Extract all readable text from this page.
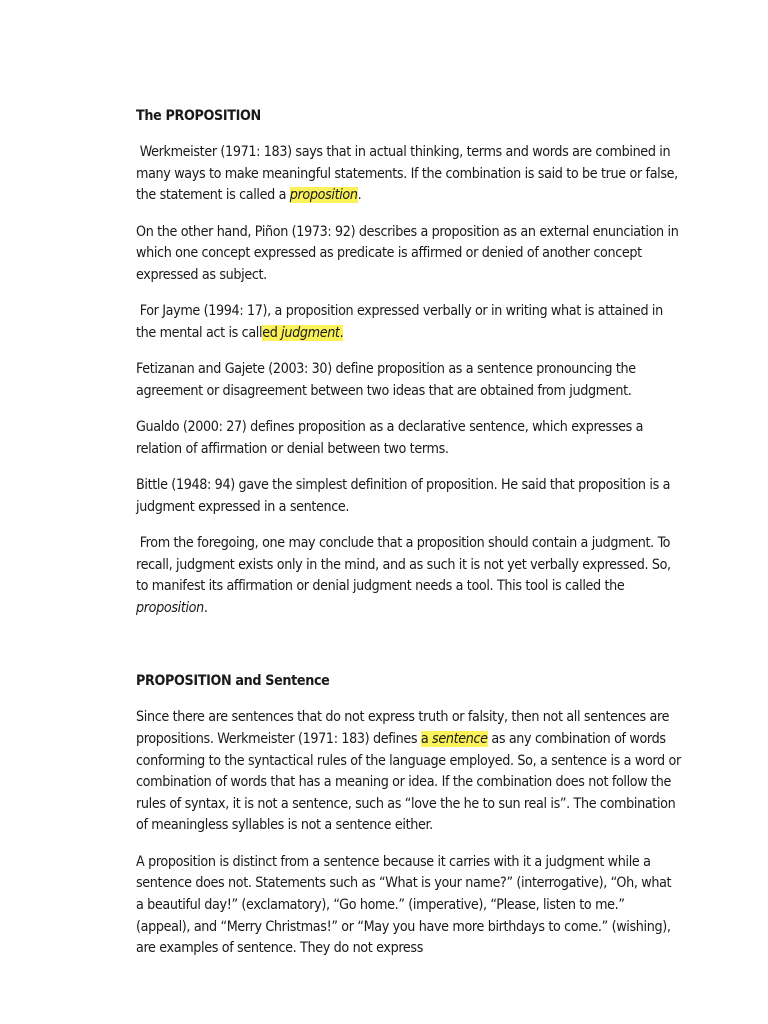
The PROPOSITION

Werkmeister (1971: 183) says that in actual thinking, terms and words are combined in many ways to make meaningful statements. If the combination is said to be true or false, the statement is called a proposition.

On the other hand, Piñon (1973: 92) describes a proposition as an external enunciation in which one concept expressed as predicate is affirmed or denied of another concept expressed as subject.

For Jayme (1994: 17), a proposition expressed verbally or in writing what is attained in the mental act is called judgment.

Fetizanan and Gajete (2003: 30) define proposition as a sentence pronouncing the agreement or disagreement between two ideas that are obtained from judgment.

Gualdo (2000: 27) defines proposition as a declarative sentence, which expresses a relation of affirmation or denial between two terms.

Bittle (1948: 94) gave the simplest definition of proposition. He said that proposition is a judgment expressed in a sentence.

From the foregoing, one may conclude that a proposition should contain a judgment. To recall, judgment exists only in the mind, and as such it is not yet verbally expressed. So, to manifest its affirmation or denial judgment needs a tool. This tool is called the proposition.

PROPOSITION and Sentence

Since there are sentences that do not express truth or falsity, then not all sentences are propositions. Werkmeister (1971: 183) defines a sentence as any combination of words conforming to the syntactical rules of the language employed. So, a sentence is a word or combination of words that has a meaning or idea. If the combination does not follow the rules of syntax, it is not a sentence, such as “love the he to sun real is”. The combination of meaningless syllables is not a sentence either.

A proposition is distinct from a sentence because it carries with it a judgment while a sentence does not. Statements such as “What is your name?” (interrogative), “Oh, what a beautiful day!” (exclamatory), “Go home.” (imperative), “Please, listen to me.” (appeal), and “Merry Christmas!” or “May you have more birthdays to come.” (wishing), are examples of sentence. They do not express
